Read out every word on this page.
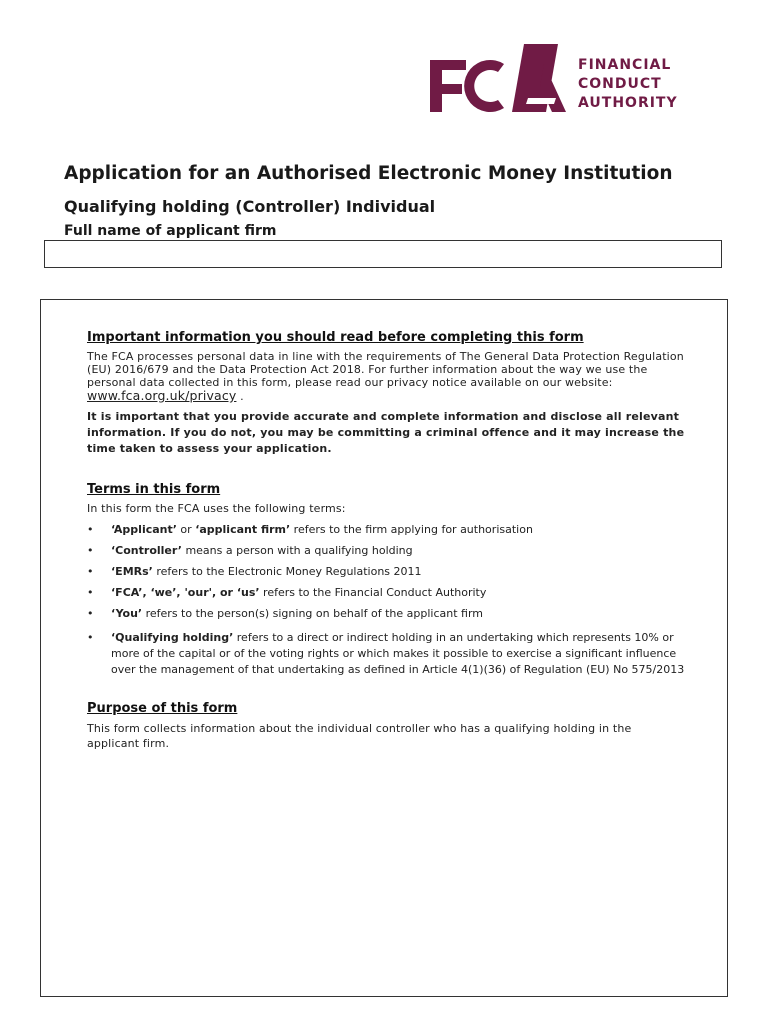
FINANCIAL
CONDUCT
AUTHORITY
Application for an Authorised Electronic Money Institution
Qualifying holding (Controller) Individual
Full name of applicant firm
Important information you should read before completing this form

The FCA processes personal data in line with the requirements of The General Data Protection Regulation
(EU) 2016/679 and the Data Protection Act 2018. For further information about the way we use the
personal data collected in this form, please read our privacy notice available on our website:
www.fca.org.uk/privacy .

It is important that you provide accurate and complete information and disclose all relevant
information. If you do not, you may be committing a criminal offence and it may increase the
time taken to assess your application.

Terms in this form

In this form the FCA uses the following terms:

• ‘Applicant’ or ‘applicant firm’ refers to the firm applying for authorisation
• ‘Controller’ means a person with a qualifying holding
• ‘EMRs’ refers to the Electronic Money Regulations 2011
• ‘FCA’, ‘we’, 'our', or ‘us’ refers to the Financial Conduct Authority
• ‘You’ refers to the person(s) signing on behalf of the applicant firm
• ‘Qualifying holding’ refers to a direct or indirect holding in an undertaking which represents 10% or
more of the capital or of the voting rights or which makes it possible to exercise a significant influence
over the management of that undertaking as defined in Article 4(1)(36) of Regulation (EU) No 575/2013
Purpose of this form

This form collects information about the individual controller who has a qualifying holding in the
applicant firm.
